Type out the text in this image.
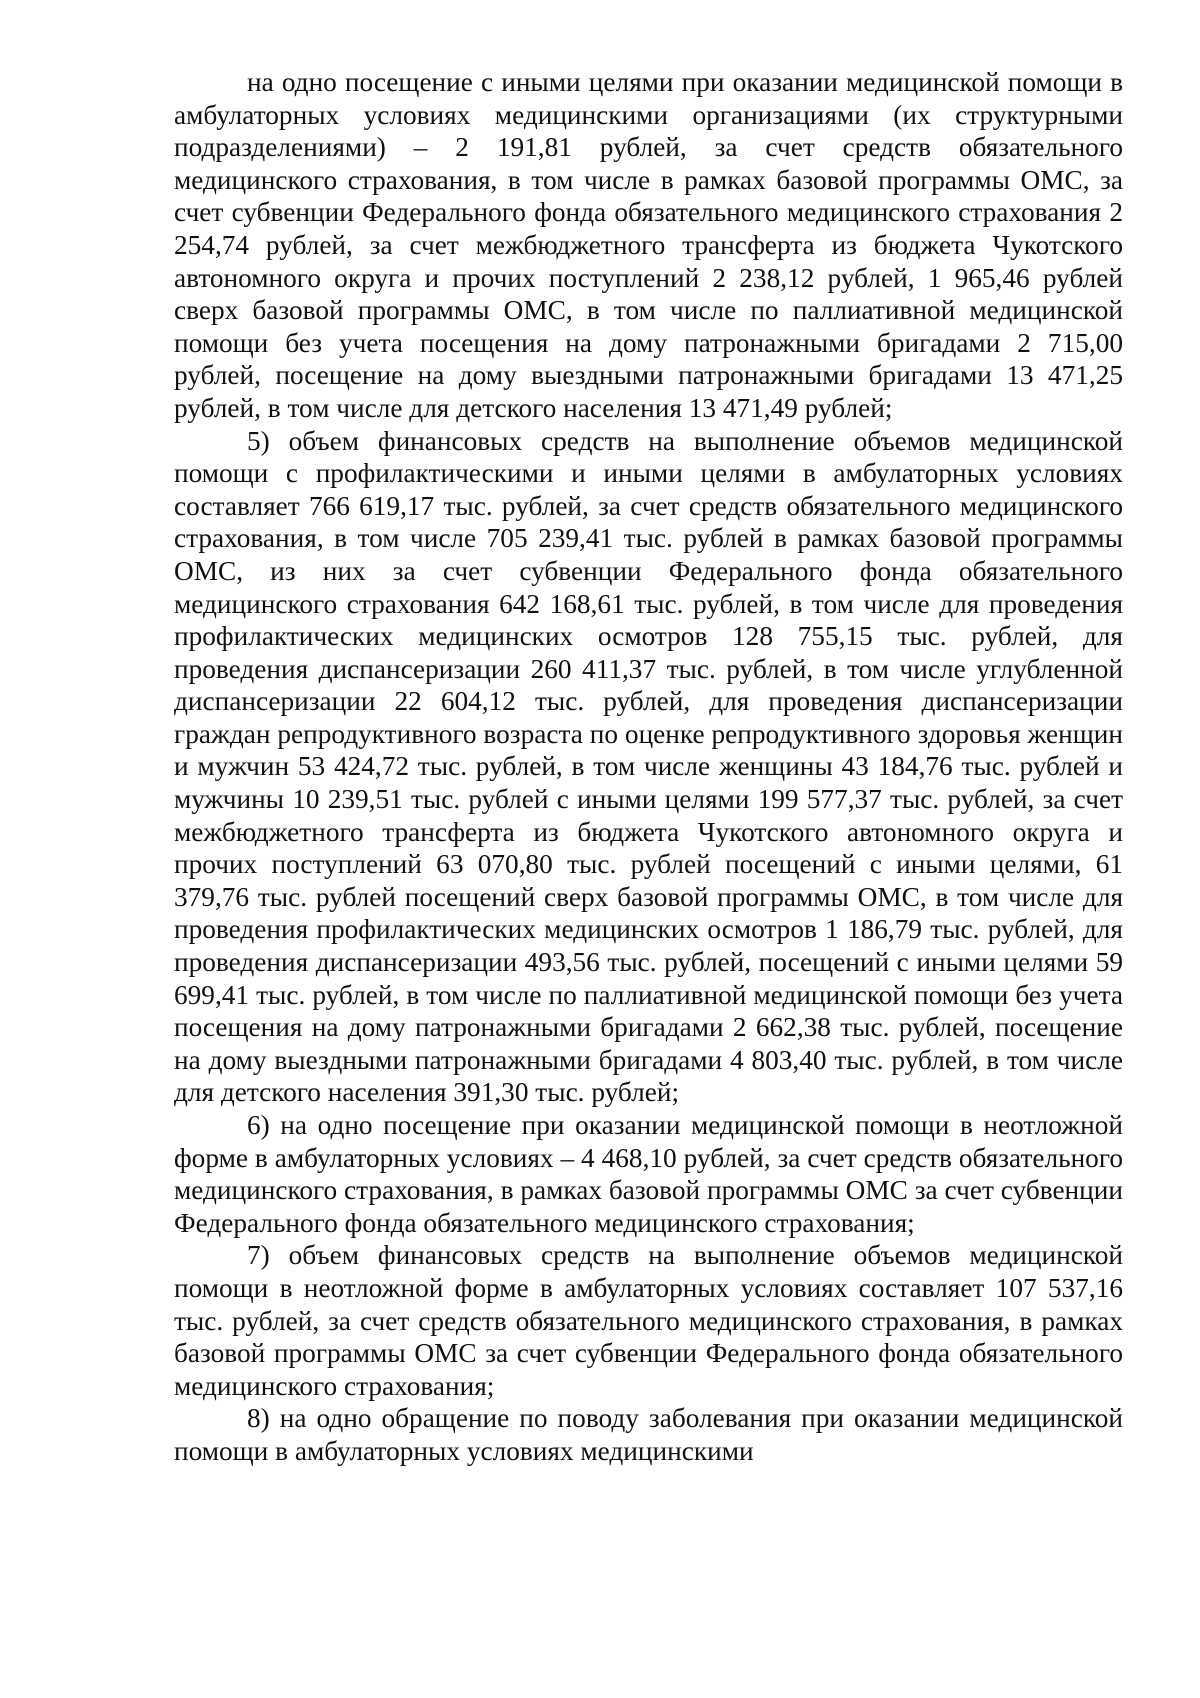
на одно посещение с иными целями при оказании медицинской помощи в амбулаторных условиях медицинскими организациями (их структурными подразделениями) – 2 191,81 рублей, за счет средств обязательного медицинского страхования, в том числе в рамках базовой программы ОМС, за счет субвенции Федерального фонда обязательного медицинского страхования 2 254,74 рублей, за счет межбюджетного трансферта из бюджета Чукотского автономного округа и прочих поступлений 2 238,12 рублей, 1 965,46 рублей сверх базовой программы ОМС, в том числе по паллиативной медицинской помощи без учета посещения на дому патронажными бригадами 2 715,00 рублей, посещение на дому выездными патронажными бригадами 13 471,25 рублей, в том числе для детского населения 13 471,49 рублей;

5) объем финансовых средств на выполнение объемов медицинской помощи с профилактическими и иными целями в амбулаторных условиях составляет 766 619,17 тыс. рублей, за счет средств обязательного медицинского страхования, в том числе 705 239,41 тыс. рублей в рамках базовой программы ОМС, из них за счет субвенции Федерального фонда обязательного медицинского страхования 642 168,61 тыс. рублей, в том числе для проведения профилактических медицинских осмотров 128 755,15 тыс. рублей, для проведения диспансеризации 260 411,37 тыс. рублей, в том числе углубленной диспансеризации 22 604,12 тыс. рублей, для проведения диспансеризации граждан репродуктивного возраста по оценке репродуктивного здоровья женщин и мужчин 53 424,72 тыс. рублей, в том числе женщины 43 184,76 тыс. рублей и мужчины 10 239,51 тыс. рублей с иными целями 199 577,37 тыс. рублей, за счет межбюджетного трансферта из бюджета Чукотского автономного округа и прочих поступлений 63 070,80 тыс. рублей посещений с иными целями, 61 379,76 тыс. рублей посещений сверх базовой программы ОМС, в том числе для проведения профилактических медицинских осмотров 1 186,79 тыс. рублей, для проведения диспансеризации 493,56 тыс. рублей, посещений с иными целями 59 699,41 тыс. рублей, в том числе по паллиативной медицинской помощи без учета посещения на дому патронажными бригадами 2 662,38 тыс. рублей, посещение на дому выездными патронажными бригадами 4 803,40 тыс. рублей, в том числе для детского населения 391,30 тыс. рублей;

6) на одно посещение при оказании медицинской помощи в неотложной форме в амбулаторных условиях – 4 468,10 рублей, за счет средств обязательного медицинского страхования, в рамках базовой программы ОМС за счет субвенции Федерального фонда обязательного медицинского страхования;

7) объем финансовых средств на выполнение объемов медицинской помощи в неотложной форме в амбулаторных условиях составляет 107 537,16 тыс. рублей, за счет средств обязательного медицинского страхования, в рамках базовой программы ОМС за счет субвенции Федерального фонда обязательного медицинского страхования;

8) на одно обращение по поводу заболевания при оказании медицинской помощи в амбулаторных условиях медицинскими
